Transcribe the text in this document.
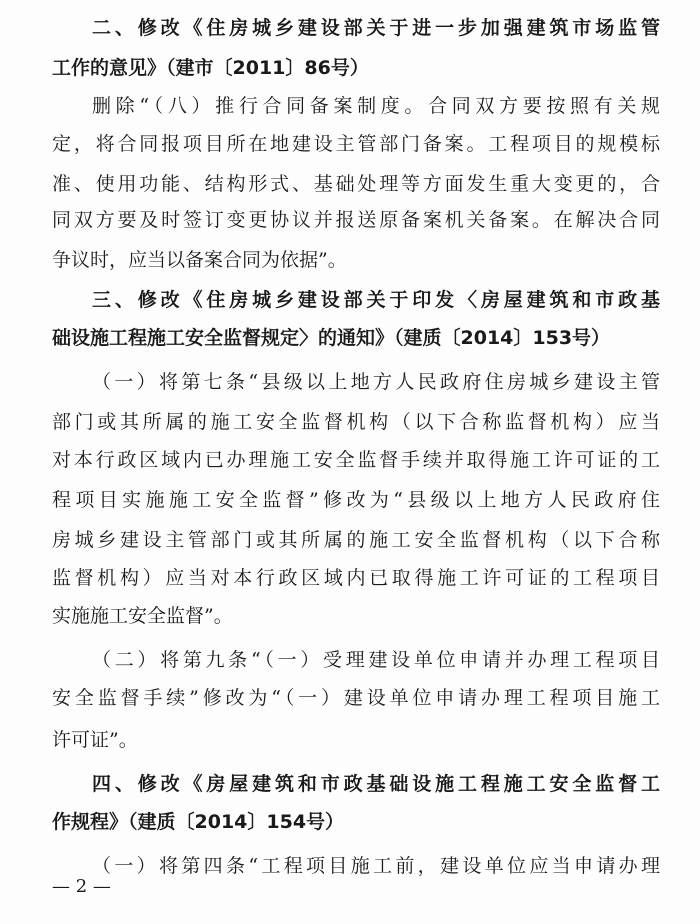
二、修改《住房城乡建设部关于进一步加强建筑市场监管
工作的意见》（建市〔2011〕86号）
删除“（八）推行合同备案制度。合同双方要按照有关规
定，将合同报项目所在地建设主管部门备案。工程项目的规模标
准、使用功能、结构形式、基础处理等方面发生重大变更的，合
同双方要及时签订变更协议并报送原备案机关备案。在解决合同
争议时，应当以备案合同为依据”。
三、修改《住房城乡建设部关于印发〈房屋建筑和市政基
础设施工程施工安全监督规定〉的通知》（建质〔2014〕153号）
（一）将第七条“县级以上地方人民政府住房城乡建设主管
部门或其所属的施工安全监督机构（以下合称监督机构）应当
对本行政区域内已办理施工安全监督手续并取得施工许可证的工
程项目实施施工安全监督”修改为“县级以上地方人民政府住
房城乡建设主管部门或其所属的施工安全监督机构（以下合称
监督机构）应当对本行政区域内已取得施工许可证的工程项目
实施施工安全监督”。
（二）将第九条“（一）受理建设单位申请并办理工程项目
安全监督手续”修改为“（一）建设单位申请办理工程项目施工
许可证”。
四、修改《房屋建筑和市政基础设施工程施工安全监督工
作规程》（建质〔2014〕154号）
（一）将第四条“工程项目施工前，建设单位应当申请办理
— 2 —
